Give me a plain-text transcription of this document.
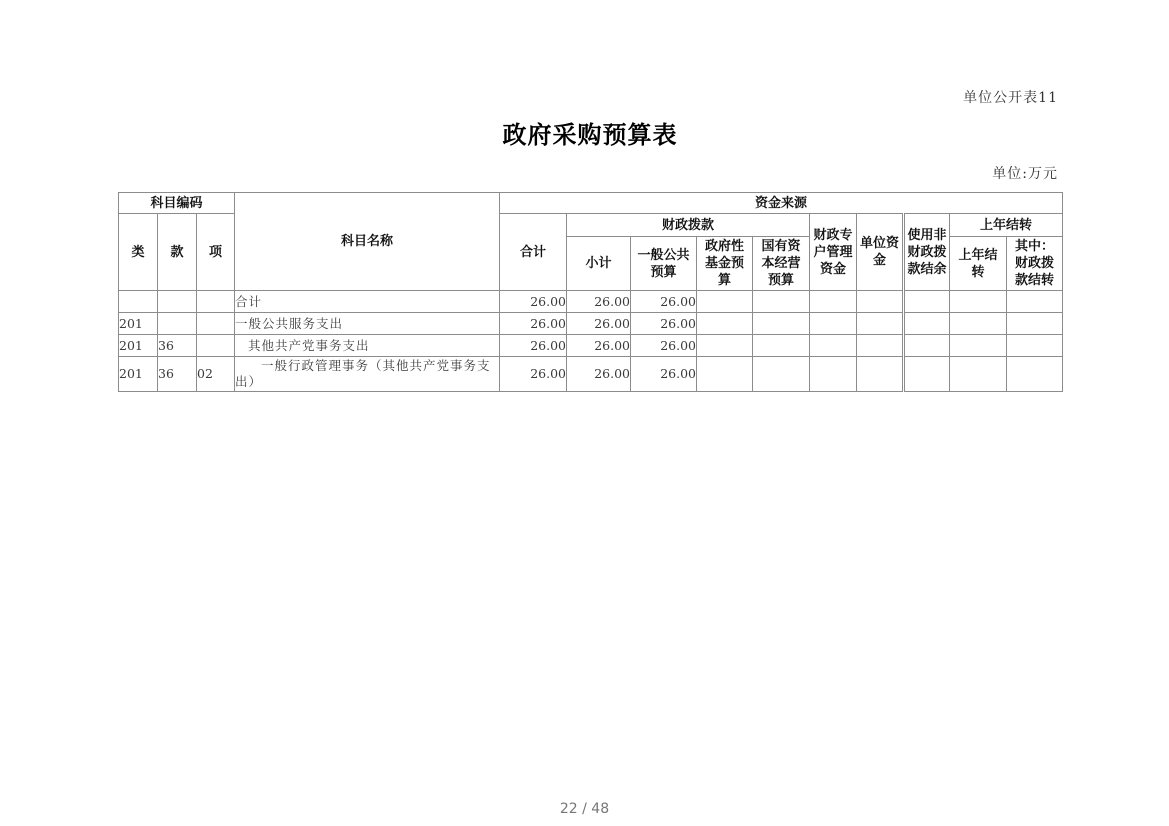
单位公开表11
政府采购预算表
单位:万元
科目编码			科目名称	资金来源									
类	款	项		合计	财政拨款				财政专户管理资金	单位资金	使用非财政拨款结余	上年结转	
					小计	一般公共预算	政府性基金预算	国有资本经营预算				上年结转	其中：财政拨款结转
			合计	26.00	26.00	26.00							
201			一般公共服务支出	26.00	26.00	26.00							
201	36		其他共产党事务支出	26.00	26.00	26.00							
201	36	02	一般行政管理事务（其他共产党事务支出）	26.00	26.00	26.00							
22 / 48
